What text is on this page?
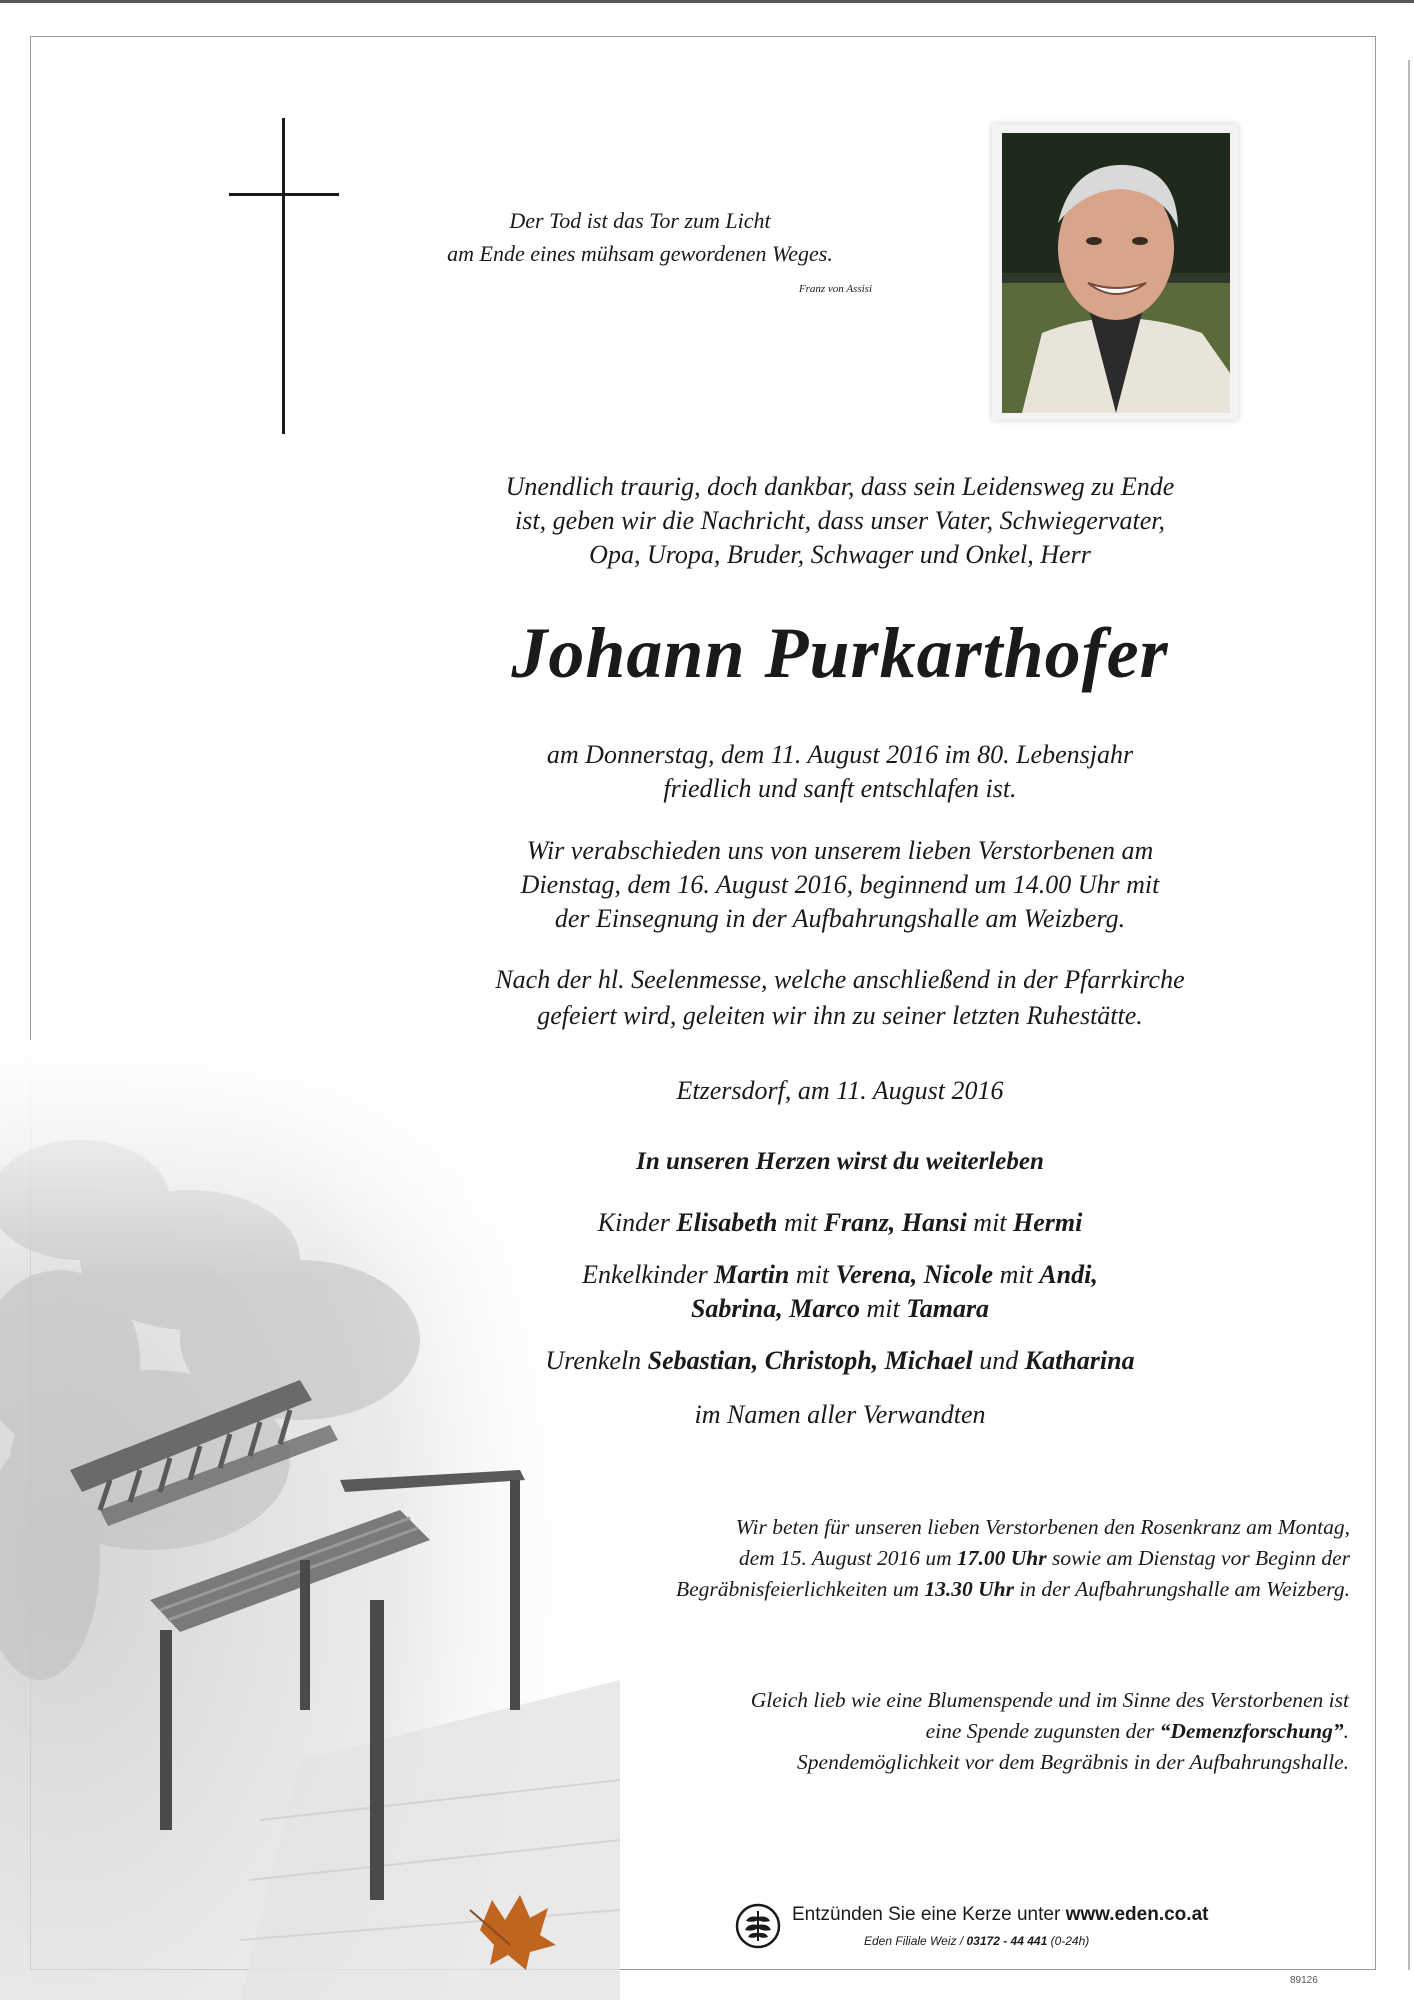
Der Tod ist das Tor zum Licht
am Ende eines mühsam gewordenen Weges.
Franz von Assisi
Unendlich traurig, doch dankbar, dass sein Leidensweg zu Ende
ist, geben wir die Nachricht, dass unser Vater, Schwiegervater,
Opa, Uropa, Bruder, Schwager und Onkel, Herr
Johann Purkarthofer
am Donnerstag, dem 11. August 2016 im 80. Lebensjahr
friedlich und sanft entschlafen ist.
Wir verabschieden uns von unserem lieben Verstorbenen am
Dienstag, dem 16. August 2016, beginnend um 14.00 Uhr mit
der Einsegnung in der Aufbahrungshalle am Weizberg.
Nach der hl. Seelenmesse, welche anschließend in der Pfarrkirche
gefeiert wird, geleiten wir ihn zu seiner letzten Ruhestätte.
Etzersdorf, am 11. August 2016
In unseren Herzen wirst du weiterleben
Kinder Elisabeth mit Franz, Hansi mit Hermi
Enkelkinder Martin mit Verena, Nicole mit Andi,
Sabrina, Marco mit Tamara
Urenkeln Sebastian, Christoph, Michael und Katharina
im Namen aller Verwandten
Wir beten für unseren lieben Verstorbenen den Rosenkranz am Montag,
dem 15. August 2016 um 17.00 Uhr sowie am Dienstag vor Beginn der
Begräbnisfeierlichkeiten um 13.30 Uhr in der Aufbahrungshalle am Weizberg.
Gleich lieb wie eine Blumenspende und im Sinne des Verstorbenen ist
eine Spende zugunsten der “Demenzforschung”.
Spendemöglichkeit vor dem Begräbnis in der Aufbahrungshalle.
Entzünden Sie eine Kerze unter www.eden.co.at
Eden Filiale Weiz / 03172 - 44 441 (0-24h)
89126
